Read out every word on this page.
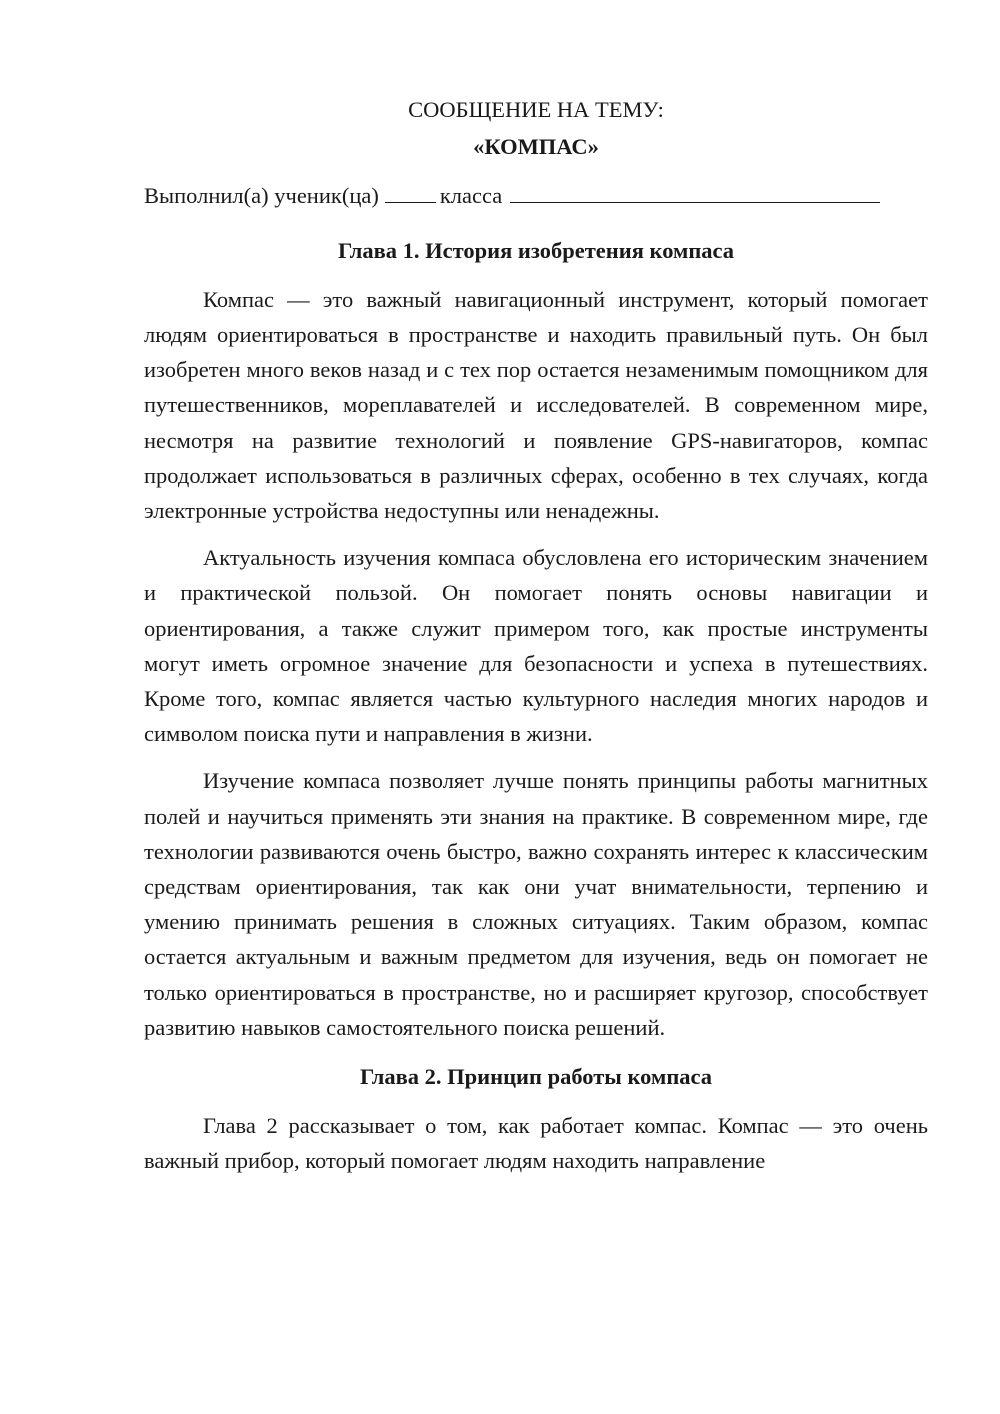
СООБЩЕНИЕ НА ТЕМУ:

«КОМПАС»

Выполнил(а) ученик(ца)	класса

Глава 1. История изобретения компаса

Компас — это важный навигационный инструмент, который помогает людям ориентироваться в пространстве и находить правильный путь. Он был изобретен много веков назад и с тех пор остается незаменимым помощником для путешественников, мореплавателей и исследователей. В современном мире, несмотря на развитие технологий и появление GPS-навигаторов, компас продолжает использоваться в различных сферах, особенно в тех случаях, когда электронные устройства недоступны или ненадежны.

Актуальность изучения компаса обусловлена его историческим значением и практической пользой. Он помогает понять основы навигации и ориентирования, а также служит примером того, как простые инструменты могут иметь огромное значение для безопасности и успеха в путешествиях. Кроме того, компас является частью культурного наследия многих народов и символом поиска пути и направления в жизни.

Изучение компаса позволяет лучше понять принципы работы магнитных полей и научиться применять эти знания на практике. В современном мире, где технологии развиваются очень быстро, важно сохранять интерес к классическим средствам ориентирования, так как они учат внимательности, терпению и умению принимать решения в сложных ситуациях. Таким образом, компас остается актуальным и важным предметом для изучения, ведь он помогает не только ориентироваться в пространстве, но и расширяет кругозор, способствует развитию навыков самостоятельного поиска решений.

Глава 2. Принцип работы компаса

Глава 2 рассказывает о том, как работает компас. Компас — это очень важный прибор, который помогает людям находить направление
